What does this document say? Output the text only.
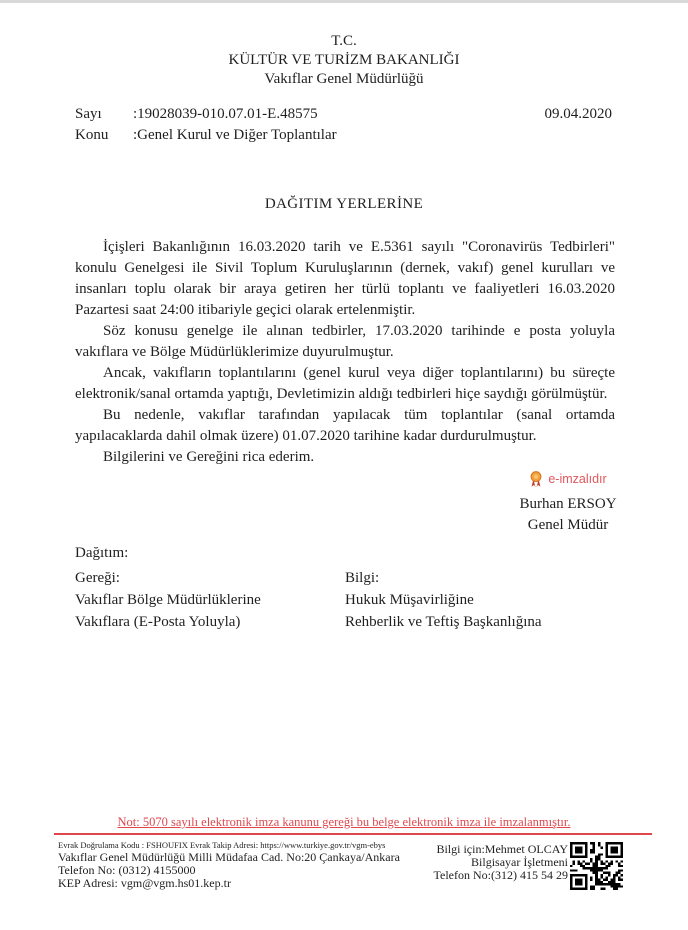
T.C.
KÜLTÜR VE TURİZM BAKANLIĞI
Vakıflar Genel Müdürlüğü
Sayı	:19028039-010.07.01-E.48575
Konu	:Genel Kurul ve Diğer Toplantılar
09.04.2020
DAĞITIM YERLERİNE

İçişleri Bakanlığının 16.03.2020 tarih ve E.5361 sayılı "Coronavirüs Tedbirleri" konulu Genelgesi ile Sivil Toplum Kuruluşlarının (dernek, vakıf) genel kurulları ve insanları toplu olarak bir araya getiren her türlü toplantı ve faaliyetleri 16.03.2020 Pazartesi saat 24:00 itibariyle geçici olarak ertelenmiştir.

Söz konusu genelge ile alınan tedbirler, 17.03.2020 tarihinde e posta yoluyla vakıflara ve Bölge Müdürlüklerimize duyurulmuştur.

Ancak, vakıfların toplantılarını (genel kurul veya diğer toplantılarını) bu süreçte elektronik/sanal ortamda yaptığı, Devletimizin aldığı tedbirleri hiçe saydığı görülmüştür.

Bu nedenle, vakıflar tarafından yapılacak tüm toplantılar (sanal ortamda yapılacaklarda dahil olmak üzere) 01.07.2020 tarihine kadar durdurulmuştur.

Bilgilerini ve Gereğini rica ederim.

e-imzalıdır
Burhan ERSOY
Genel Müdür
Dağıtım:
Gereği:
Vakıflar Bölge Müdürlüklerine
Vakıflara (E-Posta Yoluyla)
Bilgi:
Hukuk Müşavirliğine
Rehberlik ve Teftiş Başkanlığına
Not: 5070 sayılı elektronik imza kanunu gereği bu belge elektronik imza ile imzalanmıştır.
Evrak Doğrulama Kodu : FSHOUFIX Evrak Takip Adresi: https://www.turkiye.gov.tr/vgm-ebys
Vakıflar Genel Müdürlüğü Milli Müdafaa Cad. No:20 Çankaya/Ankara
Telefon No: (0312) 4155000
KEP Adresi: vgm@vgm.hs01.kep.tr
Bilgi için:Mehmet OLCAY
Bilgisayar İşletmeni
Telefon No:(312) 415 54 29
